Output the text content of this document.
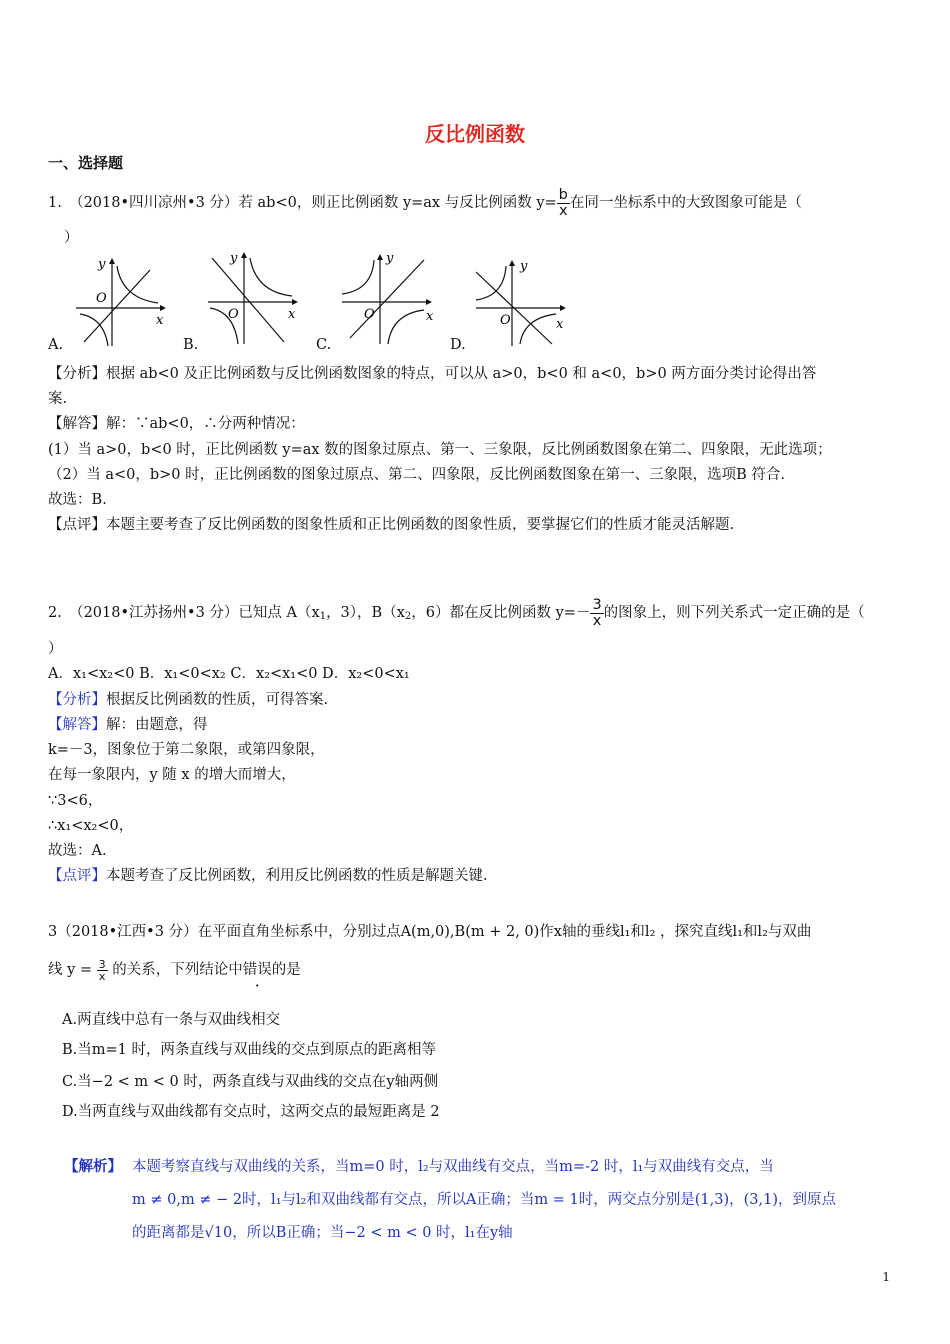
反比例函数
一、选择题
1.　（2018•四川凉州•3 分）若 ab<0，则正比例函数 y=ax 与反比例函数 $y= \frac{b}{x}$ 在同一坐标系中的大致图象可能是（
）
y
x
O
y
x
O
y
x
O
y
x
O
A.	B.	C.	D.
【分析】根据 ab<0 及正比例函数与反比例函数图象的特点，可以从 a>0，b<0 和 a<0，b>0 两方面分类讨论得出答
案.
【解答】解：∵ab<0，∴分两种情况：
(1）当 a>0，b<0 时，正比例函数 y=ax 数的图象过原点、第一、三象限，反比例函数图象在第二、四象限，无此选项；
（2）当 a<0，b>0 时，正比例函数的图象过原点、第二、四象限，反比例函数图象在第一、三象限，选项B 符合.
故选：B.
【点评】本题主要考查了反比例函数的图象性质和正比例函数的图象性质，要掌握它们的性质才能灵活解题.
2.　（2018•江苏扬州•3 分）已知点 $A(x_1$，3），$B(x_2$，6）都在反比例函数 $y=- \frac{3}{x}$ 的图象上，则下列关系式一定正确的是（
）
A．x₁<x₂<0 B．x₁<0<x₂ C．x₂<x₁<0 D．x₂<0<x₁
【分析】根据反比例函数的性质，可得答案.
【解答】解：由题意，得
k=－3，图象位于第二象限，或第四象限，
在每一象限内，y 随 x 的增大而增大，
∵3<6，
∴x₁<x₂<0，
故选：A.
【点评】本题考查了反比例函数，利用反比例函数的性质是解题关键.
3（2018•江西•3 分）在平面直角坐标系中，分别过点A(m,0),B(m + 2, 0)作x轴的垂线l₁和l₂ ，探究直线l₁和l₂与双曲
线 $y = \frac{3}{x}$ 的关系，下列结论中错误的是
A.两直线中总有一条与双曲线相交
B.当m=1 时，两条直线与双曲线的交点到原点的距离相等
C.当−2 < m < 0 时，两条直线与双曲线的交点在y轴两侧
D.当两直线与双曲线都有交点时，这两交点的最短距离是 2
【解析】 本题考察直线与双曲线的关系，当m=0 时，l₂与双曲线有交点，当m=-2 时，l₁与双曲线有交点，当
m ≠ 0,m ≠ − 2时，l₁与l₂和双曲线都有交点，所以A正确；当m = 1时，两交点分别是(1,3)，(3,1)，到原点
的距离都是√10，所以B正确；当−2 < m < 0 时，l₁在y轴
1
